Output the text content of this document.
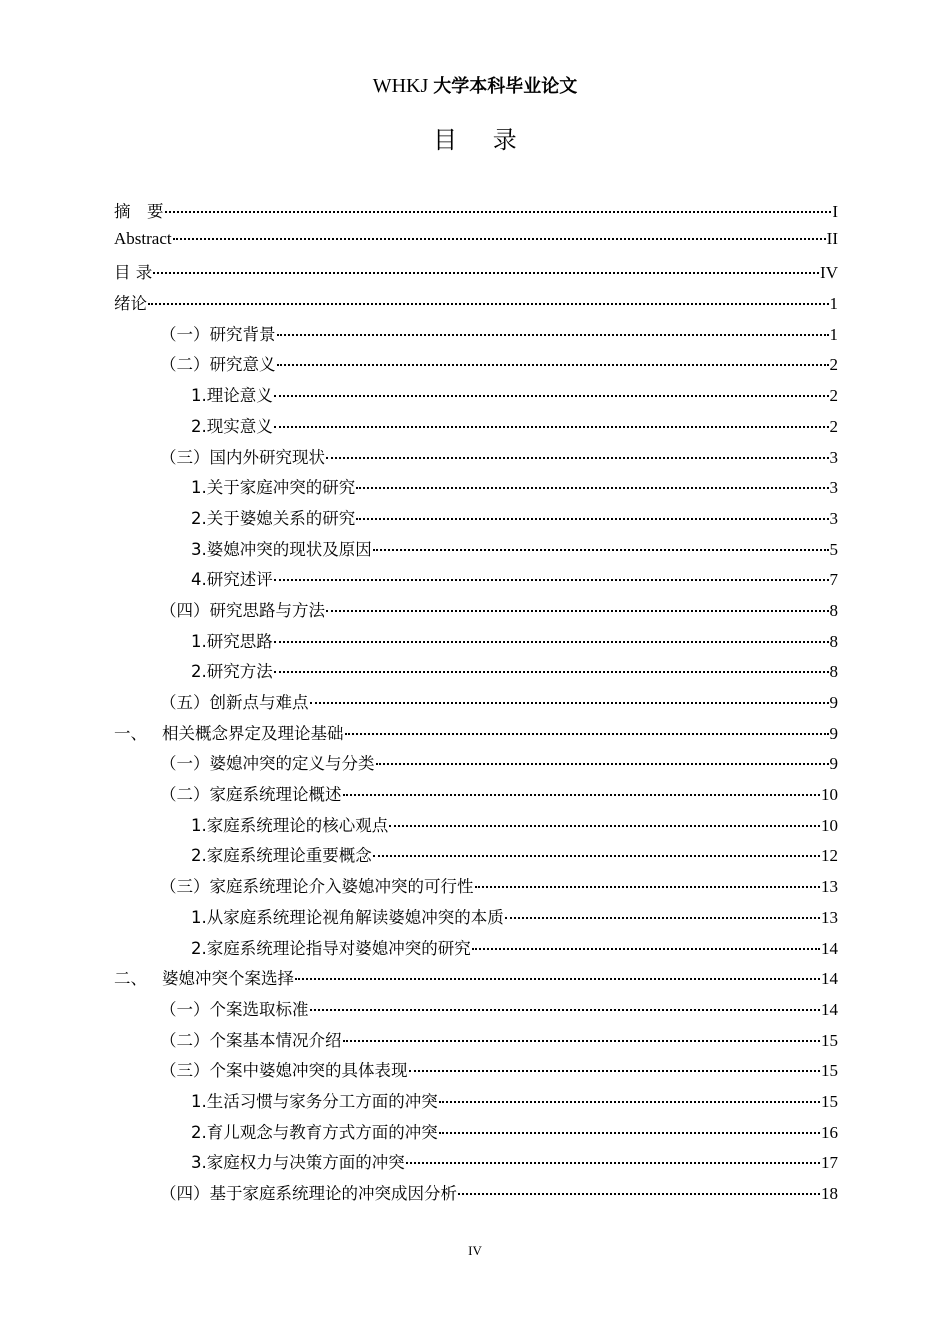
WHKJ 大学本科毕业论文
目 录
摘　要	I
Abstract	II
目 录	IV
绪论	1
（一）研究背景	1
（二）研究意义	2
1.理论意义	2
2.现实意义	2
（三）国内外研究现状	3
1.关于家庭冲突的研究	3
2.关于婆媳关系的研究	3
3.婆媳冲突的现状及原因	5
4.研究述评	7
（四）研究思路与方法	8
1.研究思路	8
2.研究方法	8
（五）创新点与难点	9
一、 相关概念界定及理论基础	9
（一）婆媳冲突的定义与分类	9
（二）家庭系统理论概述	10
1.家庭系统理论的核心观点	10
2.家庭系统理论重要概念	12
（三）家庭系统理论介入婆媳冲突的可行性	13
1.从家庭系统理论视角解读婆媳冲突的本质	13
2.家庭系统理论指导对婆媳冲突的研究	14
二、 婆媳冲突个案选择	14
（一）个案选取标准	14
（二）个案基本情况介绍	15
（三）个案中婆媳冲突的具体表现	15
1.生活习惯与家务分工方面的冲突	15
2.育儿观念与教育方式方面的冲突	16
3.家庭权力与决策方面的冲突	17
（四）基于家庭系统理论的冲突成因分析	18
IV
